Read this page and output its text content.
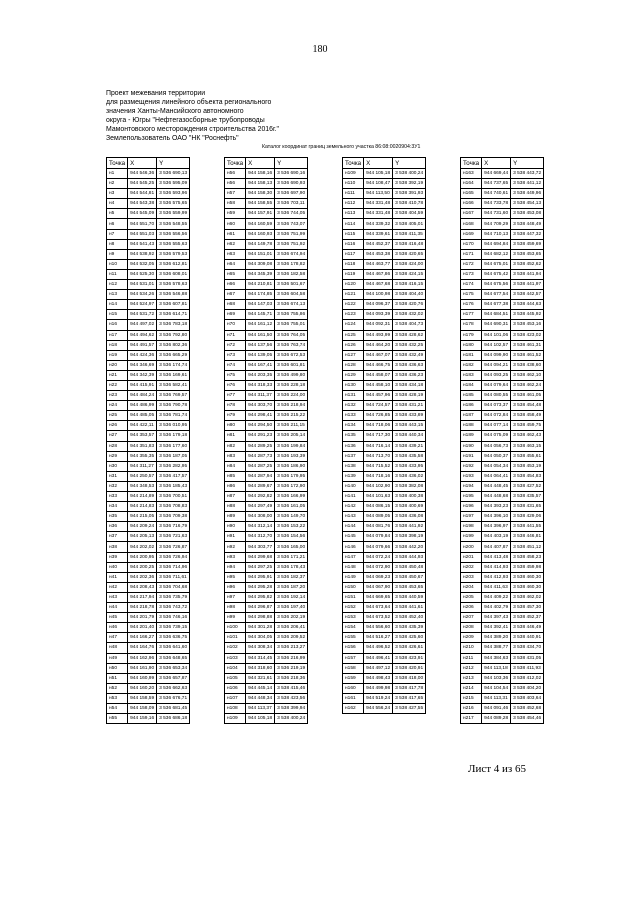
180
Проект межевания территории
для размещения линейного объекта регионального
значения Ханты-Мансийского автономного
округа - Югры "Нефтегазосборные трубопроводы
Мамонтовского месторождения строительства 2016г."
Землепользователь ОАО "НК "Роснефть"
Каталог координат границ земельного участка 86:08:0020904:3У1
Точка	X	Y
н1	944 546,36	3 536 690,13
н2	944 545,25	3 536 595,09
н3	944 544,81	3 536 593,96
н4	944 543,38	3 536 575,65
н5	944 545,09	3 536 559,99
н6	944 551,70	3 536 548,55
н7	944 551,03	3 536 556,56
н8	944 541,43	3 536 555,63
н9	944 538,92	3 536 579,53
н10	944 532,05	3 536 612,81
н11	944 525,30	3 536 608,01
н12	944 531,01	3 536 578,63
н13	944 534,26	3 536 546,88
н14	944 524,97	3 536 607,81
н15	944 531,72	3 536 614,71
н16	944 497,02	3 536 783,18
н17	944 494,62	3 536 792,80
н18	944 491,57	3 536 802,36
н19	944 424,36	3 536 665,29
н20	944 346,69	3 536 174,74
н21	944 342,39	3 536 169,61
н22	944 415,91	3 536 582,41
н23	944 484,24	3 536 769,57
н24	944 486,99	3 536 790,78
н25	944 485,05	3 536 781,74
н26	944 422,11	3 536 010,95
н27	944 353,57	3 536 179,18
н28	944 351,83	3 536 177,60
н29	944 355,35	3 536 187,05
н30	944 311,27	3 536 282,95
н31	944 250,57	3 536 417,57
н32	944 348,53	3 536 185,43
н33	944 214,89	3 536 700,51
н34	944 214,83	3 536 708,83
н35	944 215,05	3 536 709,38
н36	944 209,24	3 536 716,79
н37	944 205,13	3 536 721,63
н38	944 202,02	3 536 726,87
н39	944 200,95	3 536 726,94
н40	944 200,25	3 536 714,96
н41	944 202,36	3 536 711,61
н42	944 208,43	3 536 704,68
н43	944 217,94	3 536 735,79
н44	944 218,78	3 536 743,72
н45	944 201,79	3 536 746,16
н46	944 201,40	3 536 739,15
н47	944 166,27	3 536 636,75
н48	944 164,76	3 536 641,60
н49	944 162,96	3 536 648,65
н50	944 161,90	3 536 653,34
н51	944 160,99	3 536 657,87
н52	944 160,20	3 536 662,63
н53	944 158,59	3 536 676,71
н54	944 158,09	3 536 681,45
н55	944 159,16	3 536 686,18
Точка	X	Y
н56	944 158,16	3 536 690,16
н56	944 158,13	3 536 690,93
н57	944 158,30	3 536 697,90
н58	944 158,55	3 536 703,11
н59	944 157,91	3 536 744,05
н60	944 160,59	3 536 743,07
н61	944 160,93	3 536 751,99
н62	944 149,78	3 536 751,92
н63	944 151,01	3 536 674,94
н64	944 309,08	3 536 178,82
н65	944 345,39	3 536 182,58
н66	944 210,81	3 536 501,67
н67	944 174,85	3 536 604,58
н68	944 147,03	3 536 674,13
н69	944 145,71	3 536 755,86
н70	944 161,12	3 536 755,01
н71	944 161,50	3 536 764,05
н72	944 137,56	3 536 763,74
н73	944 139,05	3 536 672,53
н74	944 167,41	3 536 601,81
н75	944 203,35	3 536 499,80
н76	944 318,33	3 536 228,18
н77	944 311,37	3 536 224,00
н78	944 303,70	3 536 218,94
н79	944 298,41	3 536 215,22
н80	944 294,50	3 536 211,15
н81	944 291,23	3 536 205,14
н82	944 289,25	3 536 199,84
н83	944 287,73	3 536 193,39
н84	944 287,25	3 536 186,90
н85	944 287,94	3 536 179,95
н86	944 289,67	3 536 172,90
н87	944 292,82	3 536 166,99
н88	944 297,49	3 536 161,05
н89	944 308,00	3 536 149,70
н90	944 312,14	3 536 153,22
н91	944 312,70	3 536 154,56
н92	944 303,77	3 536 165,00
н93	944 299,68	3 536 171,21
н94	944 297,25	3 536 178,43
н95	944 295,91	3 536 182,37
н96	944 295,28	3 536 187,20
н97	944 295,82	3 536 192,14
н98	944 296,87	3 536 197,40
н99	944 298,88	3 536 202,19
н100	944 301,28	3 536 206,41
н101	944 304,05	3 536 209,52
н102	944 308,34	3 536 213,27
н103	944 314,45	3 536 216,99
н104	944 318,60	3 536 219,19
н105	944 321,61	3 536 218,36
н106	944 445,14	3 538 415,46
н107	944 448,34	3 538 423,56
н108	944 113,37	3 538 399,94
н109	944 105,18	3 538 400,24
Точка	X	Y
н109	944 105,18	3 538 400,24
н110	944 108,47	3 538 392,19
н111	944 113,50	3 538 391,93
н112	944 331,48	3 538 410,78
н113	944 331,48	3 538 404,59
н114	944 339,32	3 538 405,01
н115	944 339,61	3 538 411,35
н116	944 452,37	3 538 416,48
н117	944 453,38	3 538 420,65
н118	944 463,77	3 538 424,00
н119	944 467,86	3 538 424,15
н120	944 467,68	3 538 416,15
н121	944 100,98	3 538 404,40
н122	944 096,37	3 538 420,76
н123	944 093,39	3 538 432,02
н124	944 092,31	3 538 404,73
н125	944 493,99	3 538 428,62
н126	944 464,20	3 538 432,25
н127	944 467,07	3 538 432,49
н128	944 466,75	3 538 436,63
н129	944 458,07	3 538 436,23
н130	944 458,10	3 538 434,18
н131	944 457,96	3 538 428,19
н132	944 724,57	3 538 431,21
н133	944 726,85	3 538 433,89
н134	944 718,06	3 538 443,15
н135	944 717,30	3 538 440,34
н136	944 716,14	3 538 439,21
н137	944 713,70	3 538 435,58
н138	944 715,52	3 538 433,95
н139	944 718,16	3 538 436,02
н140	944 102,90	3 538 382,08
н141	944 101,63	3 538 400,38
н142	944 086,15	3 538 400,69
н143	944 089,05	3 538 436,08
н144	944 081,76	3 538 441,92
н145	944 079,84	3 538 398,19
н146	944 079,66	3 538 442,20
н147	944 072,24	3 538 444,93
н148	944 072,90	3 538 450,48
н149	944 069,23	3 538 450,67
н150	944 067,90	3 538 453,65
н151	944 669,65	3 538 440,59
н152	944 673,64	3 538 441,61
н153	944 673,52	3 538 452,40
н154	944 556,60	3 538 435,39
н155	944 516,27	3 538 425,60
н156	944 496,52	3 538 426,61
н157	944 496,41	3 538 423,91
н158	944 497,12	3 538 420,91
н159	944 498,43	3 538 418,00
н160	944 499,98	3 538 417,78
н161	944 519,24	3 538 417,65
н162	944 556,24	3 538 427,55
Точка	X	Y
н163	944 669,44	3 538 443,72
н164	944 737,65	3 538 441,12
н165	944 740,61	3 538 449,96
н166	944 733,78	3 538 454,13
н167	944 731,60	3 538 453,08
н168	944 709,29	3 538 448,49
н169	944 710,13	3 538 447,32
н170	944 694,84	3 538 459,69
н171	944 682,12	3 538 453,65
н172	944 675,01	3 538 452,62
н173	944 675,42	3 538 441,94
н174	944 675,56	3 538 441,97
н175	944 677,54	3 538 442,57
н176	944 677,38	3 538 444,63
н177	944 684,51	3 538 445,92
н178	944 690,31	3 538 453,16
н179	944 101,06	3 538 423,02
н180	944 102,57	3 538 461,31
н181	944 099,90	3 538 461,52
н182	944 094,21	3 538 438,60
н183	944 093,25	3 538 462,10
н184	944 079,64	3 538 462,24
н185	944 080,55	3 538 461,05
н186	944 073,37	3 538 454,48
н187	944 072,84	3 538 458,49
н188	944 077,14	3 538 459,75
н189	944 075,09	3 538 462,43
н190	944 056,73	3 538 463,15
н191	944 050,37	3 538 455,61
н192	944 054,34	3 538 453,19
н193	944 064,41	3 538 454,83
н194	944 448,45	3 538 427,52
н195	944 448,68	3 538 435,57
н196	944 393,23	3 538 431,65
н197	944 396,10	3 538 429,06
н198	944 396,97	3 538 441,55
н199	944 403,19	3 538 446,81
н200	944 407,87	3 538 451,12
н201	944 413,48	3 538 458,23
н202	944 414,93	3 538 459,98
н203	944 412,93	3 538 460,30
н204	944 411,63	3 538 460,30
н205	944 409,22	3 538 462,02
н206	944 402,79	3 538 457,30
н207	944 397,43	3 538 452,37
н208	944 392,41	3 538 446,49
н209	944 389,20	3 538 440,91
н210	944 388,77	3 538 434,70
н211	944 384,63	3 538 431,05
н212	944 113,18	3 538 411,93
н213	944 103,36	3 538 412,02
н214	944 104,54	3 538 404,20
н215	944 113,31	3 538 403,64
н216	944 091,46	3 538 452,68
н217	944 089,28	3 538 454,46
Лист 4 из 65
